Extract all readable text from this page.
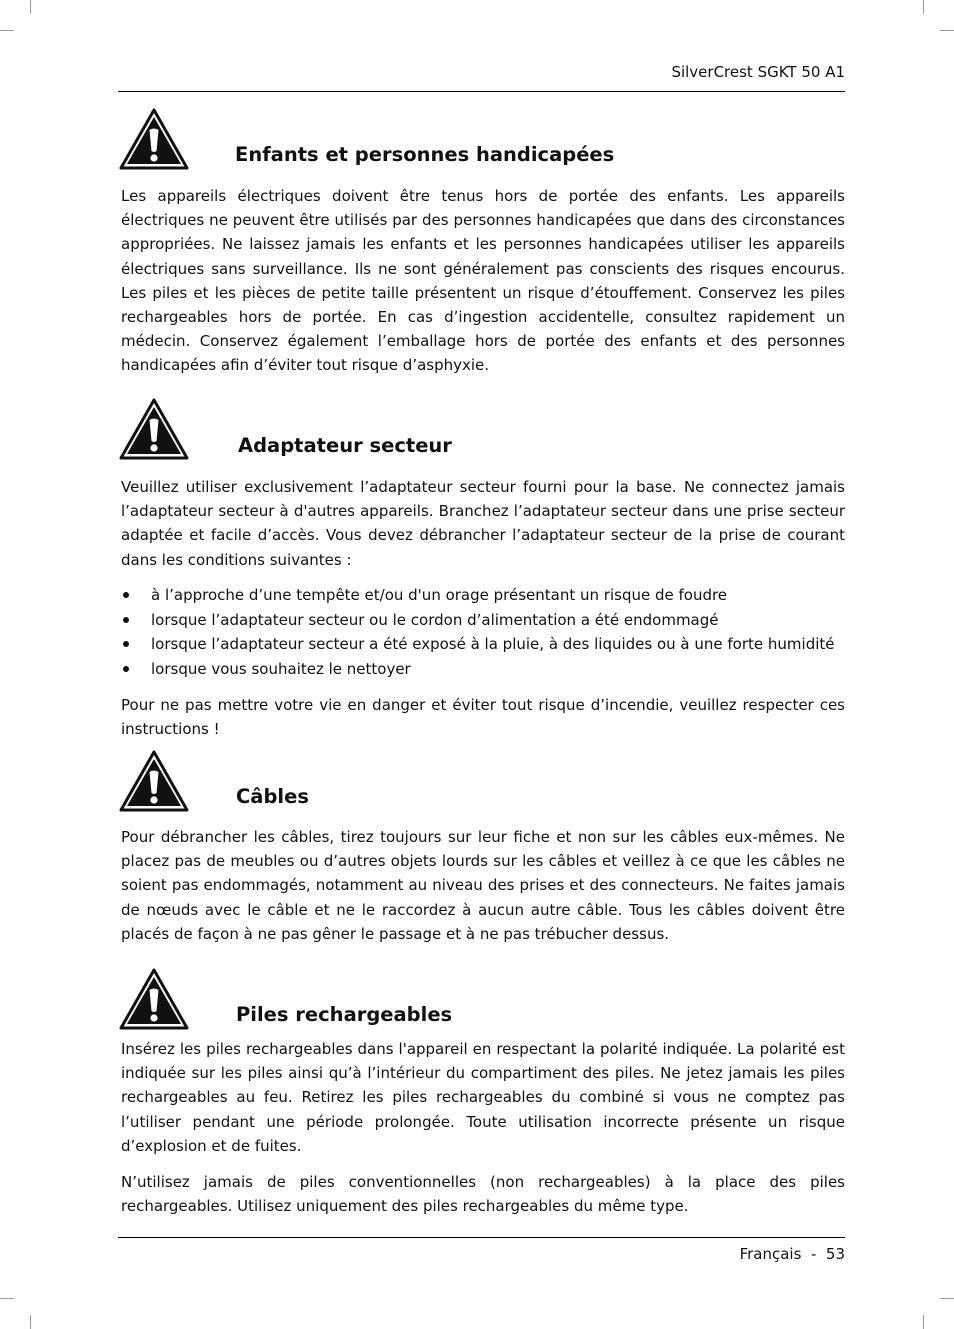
SilverCrest SGKT 50 A1
Enfants et personnes handicapées
Les appareils électriques doivent être tenus hors de portée des enfants. Les appareils électriques ne peuvent être utilisés par des personnes handicapées que dans des circonstances appropriées. Ne laissez jamais les enfants et les personnes handicapées utiliser les appareils électriques sans surveillance. Ils ne sont généralement pas conscients des risques encourus. Les piles et les pièces de petite taille présentent un risque d’étouffement. Conservez les piles rechargeables hors de portée. En cas d’ingestion accidentelle, consultez rapidement un médecin. Conservez également l’emballage hors de portée des enfants et des personnes handicapées afin d’éviter tout risque d’asphyxie.
Adaptateur secteur
Veuillez utiliser exclusivement l’adaptateur secteur fourni pour la base. Ne connectez jamais l’adaptateur secteur à d'autres appareils. Branchez l’adaptateur secteur dans une prise secteur adaptée et facile d’accès. Vous devez débrancher l’adaptateur secteur de la prise de courant dans les conditions suivantes :
à l’approche d’une tempête et/ou d'un orage présentant un risque de foudre
lorsque l’adaptateur secteur ou le cordon d’alimentation a été endommagé
lorsque l’adaptateur secteur a été exposé à la pluie, à des liquides ou à une forte humidité
lorsque vous souhaitez le nettoyer
Pour ne pas mettre votre vie en danger et éviter tout risque d’incendie, veuillez respecter ces instructions !
Câbles
Pour débrancher les câbles, tirez toujours sur leur fiche et non sur les câbles eux-mêmes. Ne placez pas de meubles ou d’autres objets lourds sur les câbles et veillez à ce que les câbles ne soient pas endommagés, notamment au niveau des prises et des connecteurs. Ne faites jamais de nœuds avec le câble et ne le raccordez à aucun autre câble. Tous les câbles doivent être placés de façon à ne pas gêner le passage et à ne pas trébucher dessus.
Piles rechargeables
Insérez les piles rechargeables dans l'appareil en respectant la polarité indiquée. La polarité est indiquée sur les piles ainsi qu’à l’intérieur du compartiment des piles. Ne jetez jamais les piles rechargeables au feu. Retirez les piles rechargeables du combiné si vous ne comptez pas l’utiliser pendant une période prolongée. Toute utilisation incorrecte présente un risque d’explosion et de fuites.
N’utilisez jamais de piles conventionnelles (non rechargeables) à la place des piles rechargeables. Utilisez uniquement des piles rechargeables du même type.
Français  -  53
